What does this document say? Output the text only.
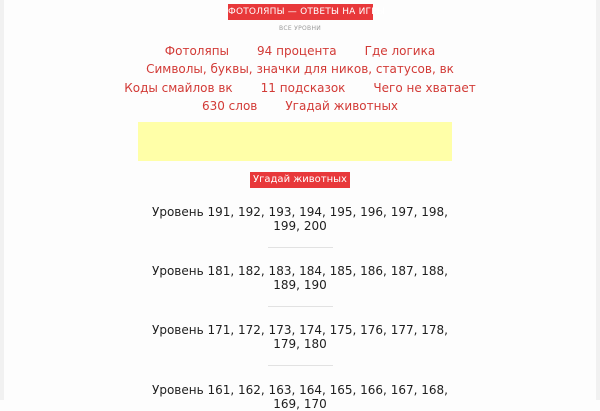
ФОТОЛЯПЫ — ОТВЕТЫ НА ИГРЫ
ВСЕ УРОВНИ
Фотоляпы	94 процента	Где логика
Символы, буквы, значки для ников, статусов, вк
Коды смайлов вк	11 подсказок	Чего не хватает
630 слов	Угадай животных
Угадай животных
Уровень 191, 192, 193, 194, 195, 196, 197, 198, 199, 200
Уровень 181, 182, 183, 184, 185, 186, 187, 188, 189, 190
Уровень 171, 172, 173, 174, 175, 176, 177, 178, 179, 180
Уровень 161, 162, 163, 164, 165, 166, 167, 168, 169, 170
